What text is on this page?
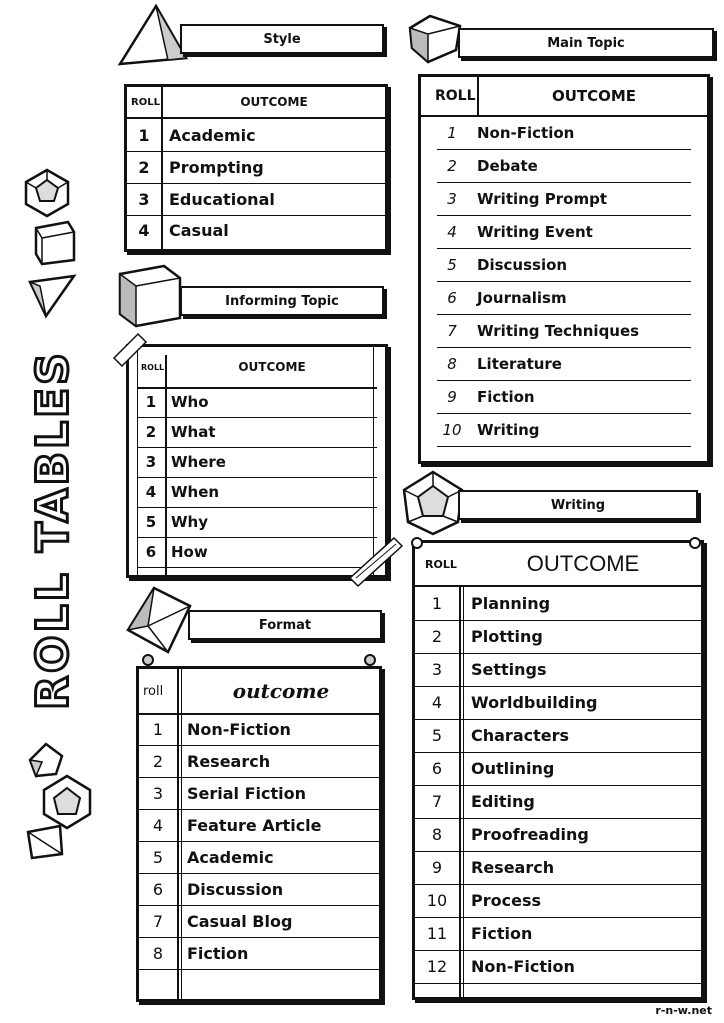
ROLL TABLES
Style
ROLL	OUTCOME
1	Academic
2	Prompting
3	Educational
4	Casual
Informing Topic
ROLL	OUTCOME
1 Who
2 What
3 Where
4 When
5 Why
6 How
Format
roll	outcome
1	Non-Fiction
2	Research
3	Serial Fiction
4	Feature Article
5	Academic
6	Discussion
7	Casual Blog
8	Fiction
Main Topic
ROLL	OUTCOME
1	Non-Fiction
2	Debate
3	Writing Prompt
4	Writing Event
5	Discussion
6	Journalism
7	Writing Techniques
8	Literature
9	Fiction
10	Writing
Writing
ROLL	OUTCOME
1	Planning
2	Plotting
3	Settings
4	Worldbuilding
5	Characters
6	Outlining
7	Editing
8	Proofreading
9	Research
10	Process
11	Fiction
12	Non-Fiction
r-n-w.net
